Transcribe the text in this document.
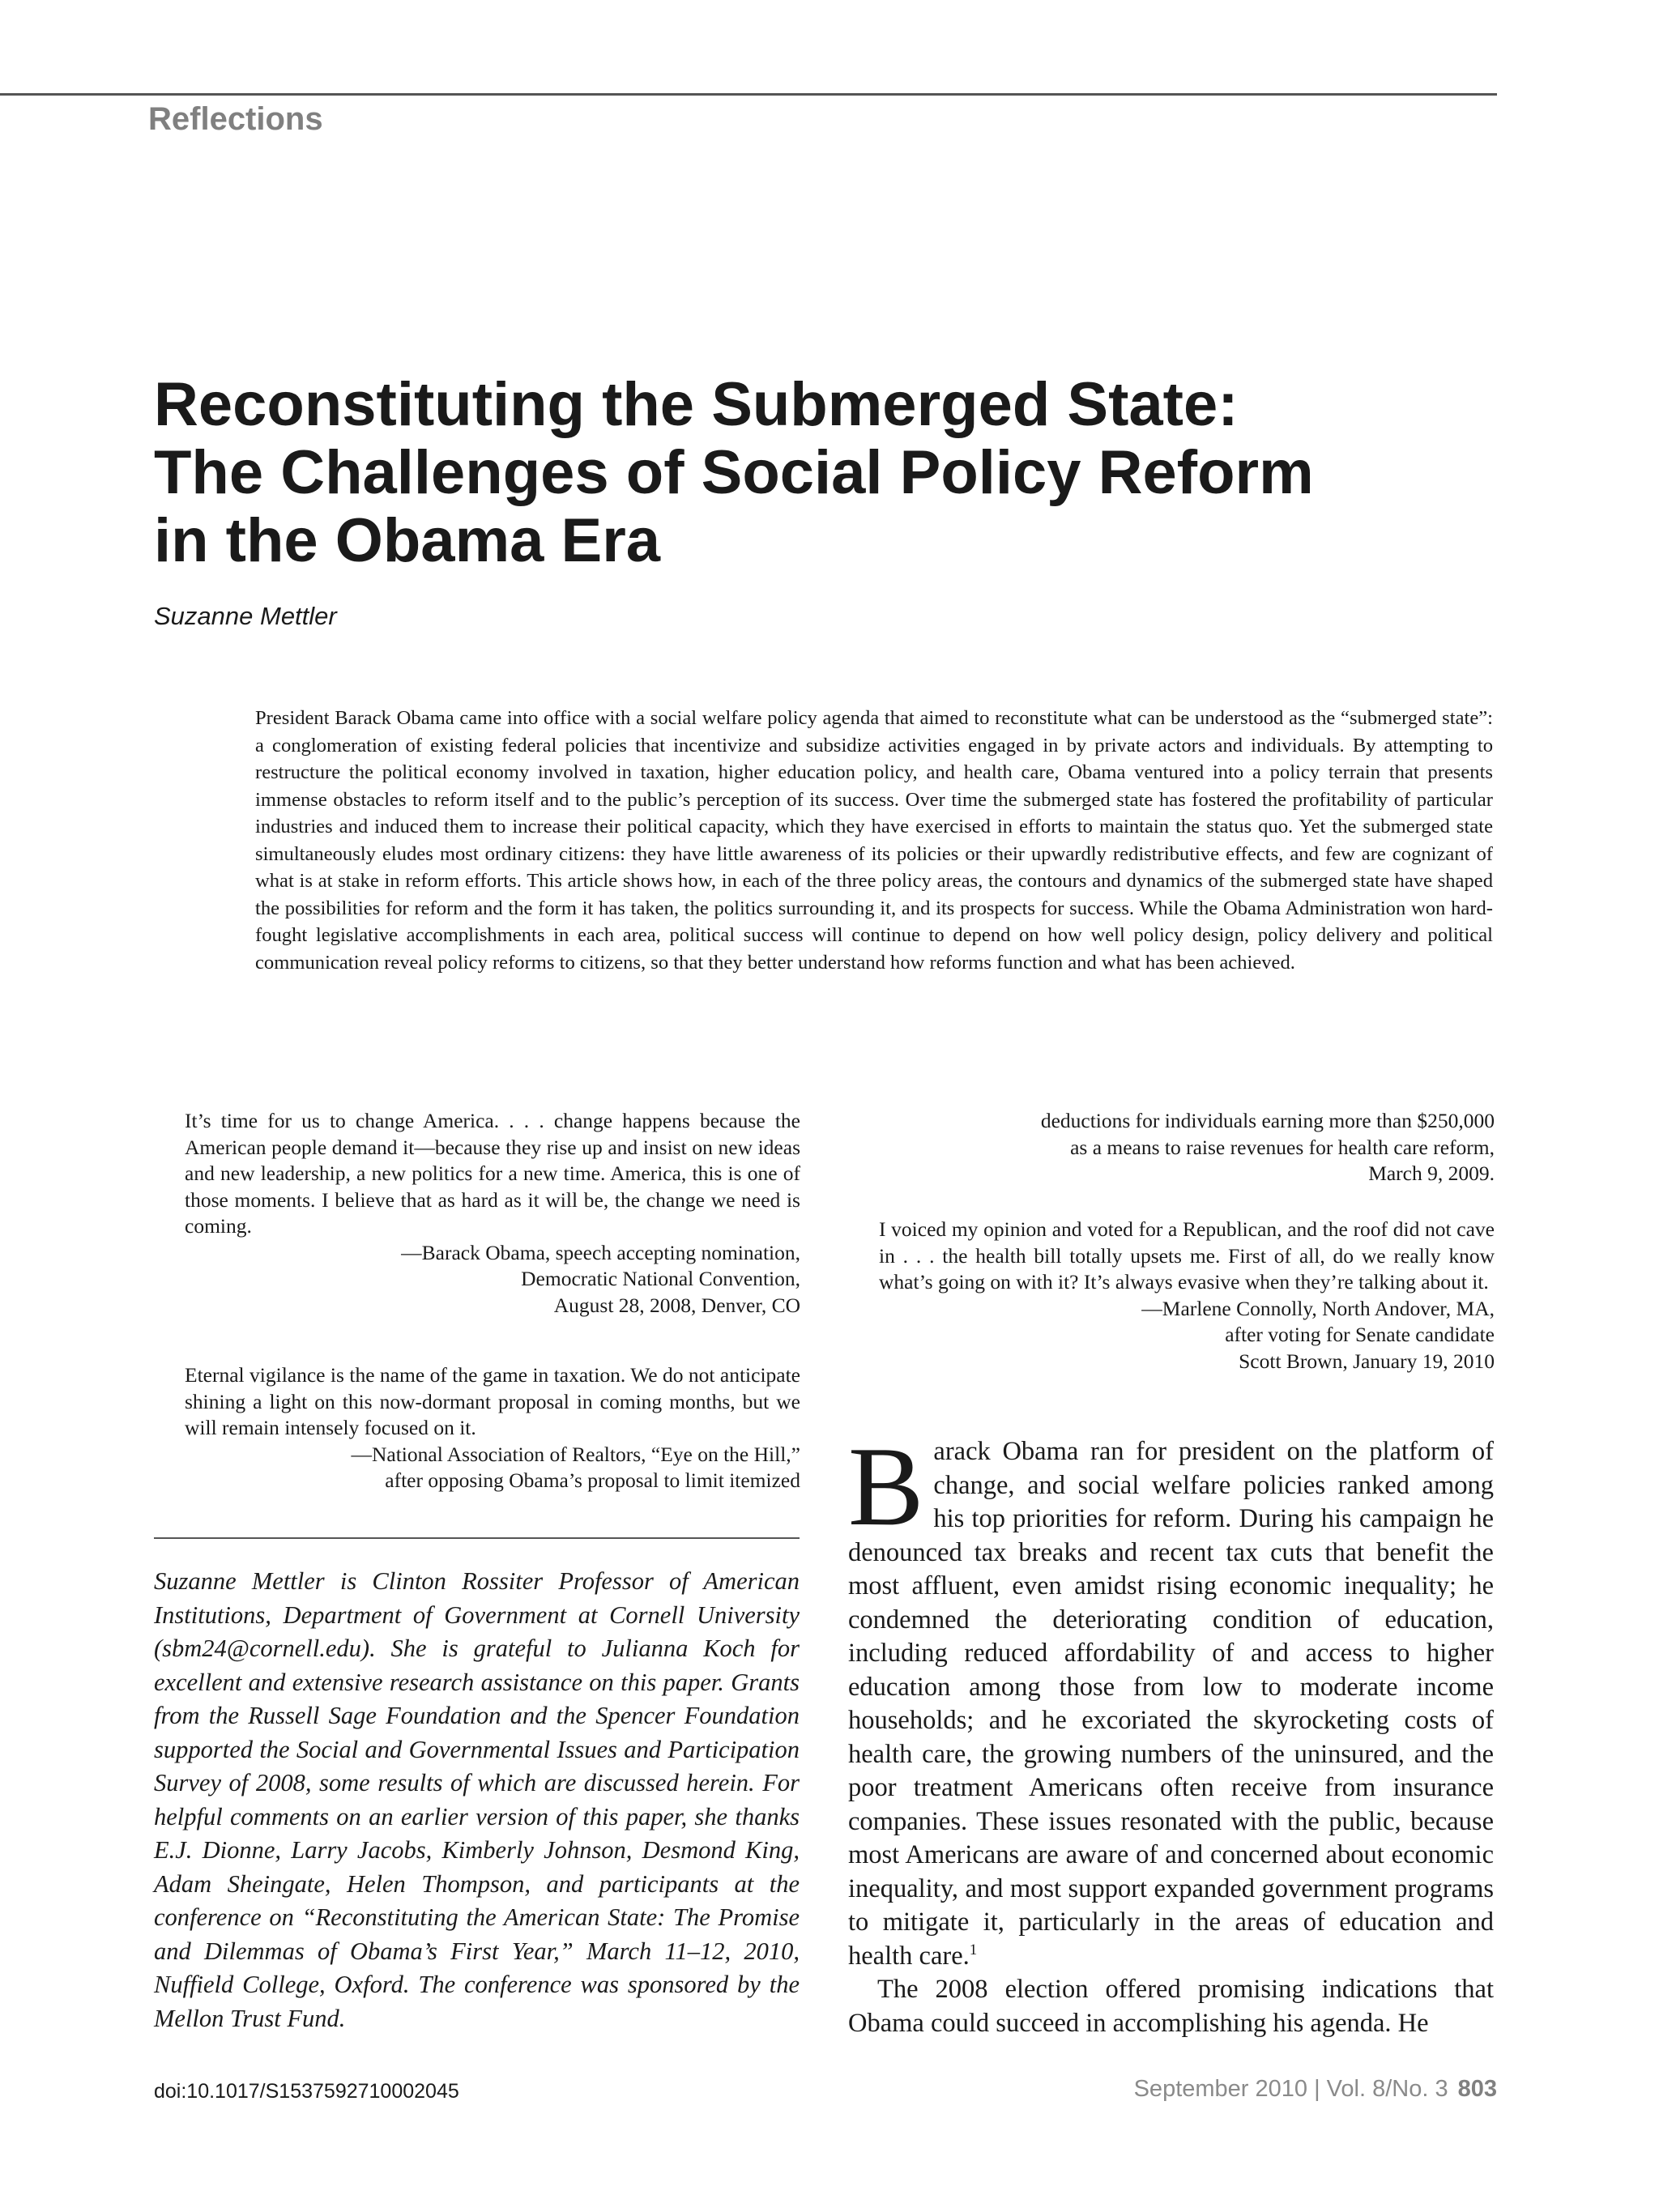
Reflections
Reconstituting the Submerged State:
The Challenges of Social Policy Reform
in the Obama Era
Suzanne Mettler
President Barack Obama came into office with a social welfare policy agenda that aimed to reconstitute what can be understood as the “submerged state”: a conglomeration of existing federal policies that incentivize and subsidize activities engaged in by private actors and individuals. By attempting to restructure the political economy involved in taxation, higher education policy, and health care, Obama ventured into a policy terrain that presents immense obstacles to reform itself and to the public’s perception of its success. Over time the submerged state has fostered the profitability of particular industries and induced them to increase their political capacity, which they have exercised in efforts to maintain the status quo. Yet the submerged state simultaneously eludes most ordinary citizens: they have little awareness of its policies or their upwardly redistributive effects, and few are cognizant of what is at stake in reform efforts. This article shows how, in each of the three policy areas, the contours and dynamics of the submerged state have shaped the possibilities for reform and the form it has taken, the politics surrounding it, and its prospects for success. While the Obama Administration won hard-fought legislative accomplishments in each area, political success will continue to depend on how well policy design, policy delivery and political communication reveal policy reforms to citizens, so that they better understand how reforms function and what has been achieved.

It’s time for us to change America. . . . change happens because the American people demand it—because they rise up and insist on new ideas and new leadership, a new politics for a new time. America, this is one of those moments. I believe that as hard as it will be, the change we need is coming.

—Barack Obama, speech accepting nomination,
Democratic National Convention,
August 28, 2008, Denver, CO

Eternal vigilance is the name of the game in taxation. We do not anticipate shining a light on this now-dormant proposal in coming months, but we will remain intensely focused on it.

—National Association of Realtors, “Eye on the Hill,”
after opposing Obama’s proposal to limit itemized
Suzanne Mettler is Clinton Rossiter Professor of American Institutions, Department of Government at Cornell University (sbm24@cornell.edu). She is grateful to Julianna Koch for excellent and extensive research assistance on this paper. Grants from the Russell Sage Foundation and the Spencer Foundation supported the Social and Governmental Issues and Participation Survey of 2008, some results of which are discussed herein. For helpful comments on an earlier version of this paper, she thanks E.J. Dionne, Larry Jacobs, Kimberly Johnson, Desmond King, Adam Sheingate, Helen Thompson, and participants at the conference on “Reconstituting the American State: The Promise and Dilemmas of Obama’s First Year,” March 11–12, 2010, Nuffield College, Oxford. The conference was sponsored by the Mellon Trust Fund.
deductions for individuals earning more than $250,000
as a means to raise revenues for health care reform,
March 9, 2009.

I voiced my opinion and voted for a Republican, and the roof did not cave in . . . the health bill totally upsets me. First of all, do we really know what’s going on with it? It’s always evasive when they’re talking about it.

—Marlene Connolly, North Andover, MA,
after voting for Senate candidate
Scott Brown, January 19, 2010

Barack Obama ran for president on the platform of change, and social welfare policies ranked among his top priorities for reform. During his campaign he denounced tax breaks and recent tax cuts that benefit the most affluent, even amidst rising economic inequality; he condemned the deteriorating condition of education, including reduced affordability of and access to higher education among those from low to moderate income households; and he excoriated the skyrocketing costs of health care, the growing numbers of the uninsured, and the poor treatment Americans often receive from insurance companies. These issues resonated with the public, because most Americans are aware of and concerned about economic inequality, and most support expanded government programs to mitigate it, particularly in the areas of education and health care.$^1$

The 2008 election offered promising indications that Obama could succeed in accomplishing his agenda. He

doi:10.1017/S1537592710002045	September 2010 | Vol. 8/No. 3 803
